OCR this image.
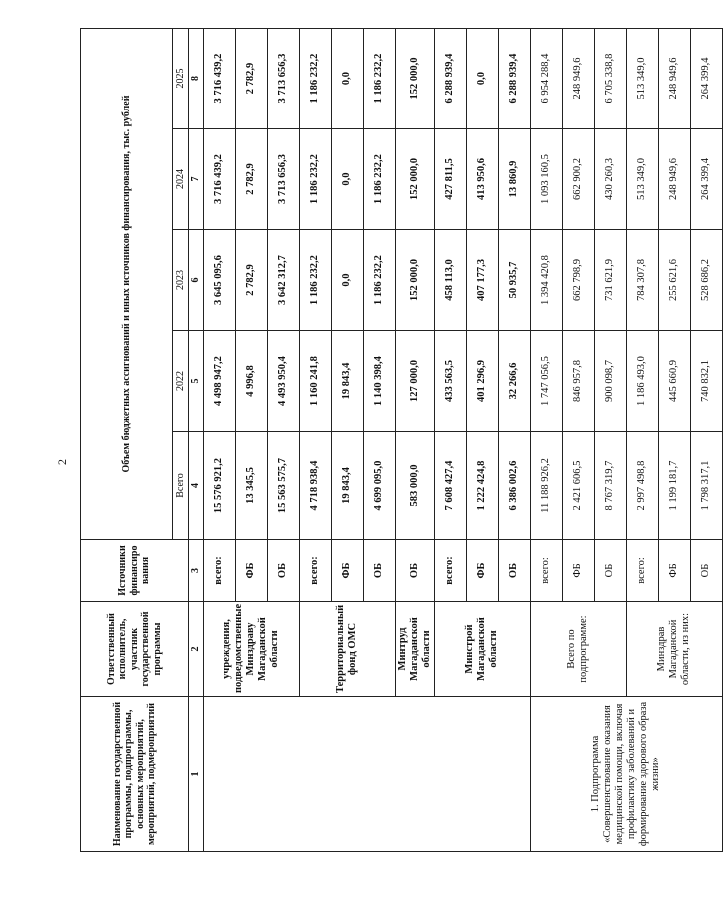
2
Наименование государственной программы, подпрограммы, основных мероприятий, мероприятий, подмероприятий	Ответственный исполнитель, участник государственной программы	Источники финансиро вания	Объем бюджетных ассигнований и иных источников финансирования, тыс. рублей				
			Всего	2022	2023	2024	2025
1	2	3	4	5	6	7	8
	учреждения, подведомственные Минздраву Магаданской области	всего:	15 576 921,2	4 498 947,2	3 645 095,6	3 716 439,2	3 716 439,2
		ФБ	13 345,5	4 996,8	2 782,9	2 782,9	2 782,9
		ОБ	15 563 575,7	4 493 950,4	3 642 312,7	3 713 656,3	3 713 656,3
	Территориальный фонд ОМС	всего:	4 718 938,4	1 160 241,8	1 186 232,2	1 186 232,2	1 186 232,2
		ФБ	19 843,4	19 843,4	0,0	0,0	0,0
		ОБ	4 699 095,0	1 140 398,4	1 186 232,2	1 186 232,2	1 186 232,2
	Минтруд Магаданской области	ОБ	583 000,0	127 000,0	152 000,0	152 000,0	152 000,0
	Минстрой Магаданской области	всего:	7 608 427,4	433 563,5	458 113,0	427 811,5	6 288 939,4
		ФБ	1 222 424,8	401 296,9	407 177,3	413 950,6	0,0
		ОБ	6 386 002,6	32 266,6	50 935,7	13 860,9	6 288 939,4
1. Подпрограмма «Совершенствование оказания медицинской помощи, включая профилактику заболеваний и формирование здорового образа жизни»	Всего по подпрограмме:	всего:	11 188 926,2	1 747 056,5	1 394 420,8	1 093 160,5	6 954 288,4
		ФБ	2 421 606,5	846 957,8	662 798,9	662 900,2	248 949,6
		ОБ	8 767 319,7	900 098,7	731 621,9	430 260,3	6 705 338,8
	Минздрав Магаданской области, из них:	всего:	2 997 498,8	1 186 493,0	784 307,8	513 349,0	513 349,0
		ФБ	1 199 181,7	445 660,9	255 621,6	248 949,6	248 949,6
		ОБ	1 798 317,1	740 832,1	528 686,2	264 399,4	264 399,4
